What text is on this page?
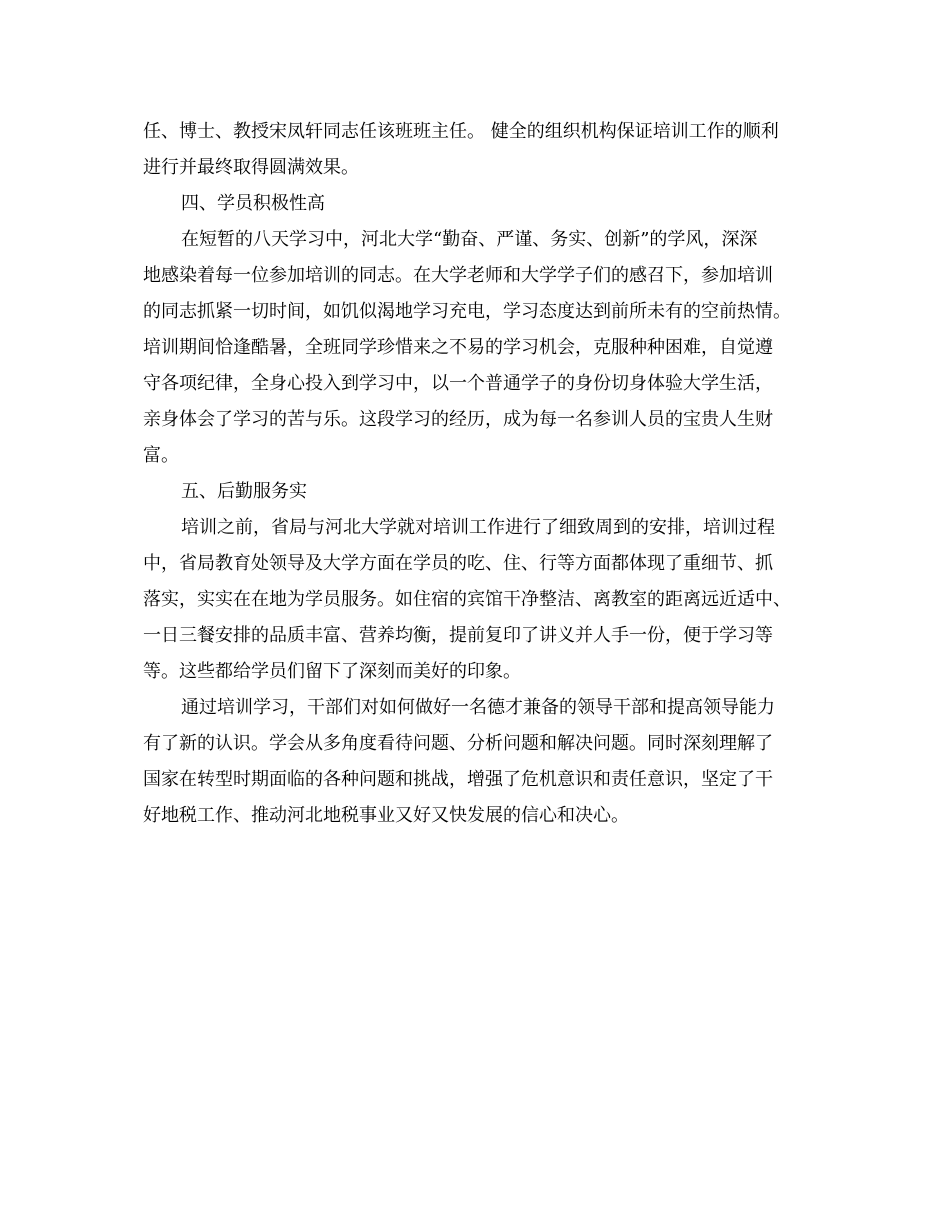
任、博士、教授宋凤轩同志任该班班主任。 健全的组织机构保证培训工作的顺利
进行并最终取得圆满效果。
四、学员积极性高
在短暂的八天学习中，河北大学“勤奋、严谨、务实、创新”的学风，深深
地感染着每一位参加培训的同志。在大学老师和大学学子们的感召下，参加培训
的同志抓紧一切时间，如饥似渴地学习充电，学习态度达到前所未有的空前热情。
培训期间恰逢酷暑，全班同学珍惜来之不易的学习机会，克服种种困难，自觉遵
守各项纪律，全身心投入到学习中，以一个普通学子的身份切身体验大学生活，
亲身体会了学习的苦与乐。这段学习的经历，成为每一名参训人员的宝贵人生财
富。
五、后勤服务实
培训之前，省局与河北大学就对培训工作进行了细致周到的安排，培训过程
中，省局教育处领导及大学方面在学员的吃、住、行等方面都体现了重细节、抓
落实，实实在在地为学员服务。如住宿的宾馆干净整洁、离教室的距离远近适中、
一日三餐安排的品质丰富、营养均衡，提前复印了讲义并人手一份，便于学习等
等。这些都给学员们留下了深刻而美好的印象。
通过培训学习，干部们对如何做好一名德才兼备的领导干部和提高领导能力
有了新的认识。学会从多角度看待问题、分析问题和解决问题。同时深刻理解了
国家在转型时期面临的各种问题和挑战，增强了危机意识和责任意识，坚定了干
好地税工作、推动河北地税事业又好又快发展的信心和决心。
